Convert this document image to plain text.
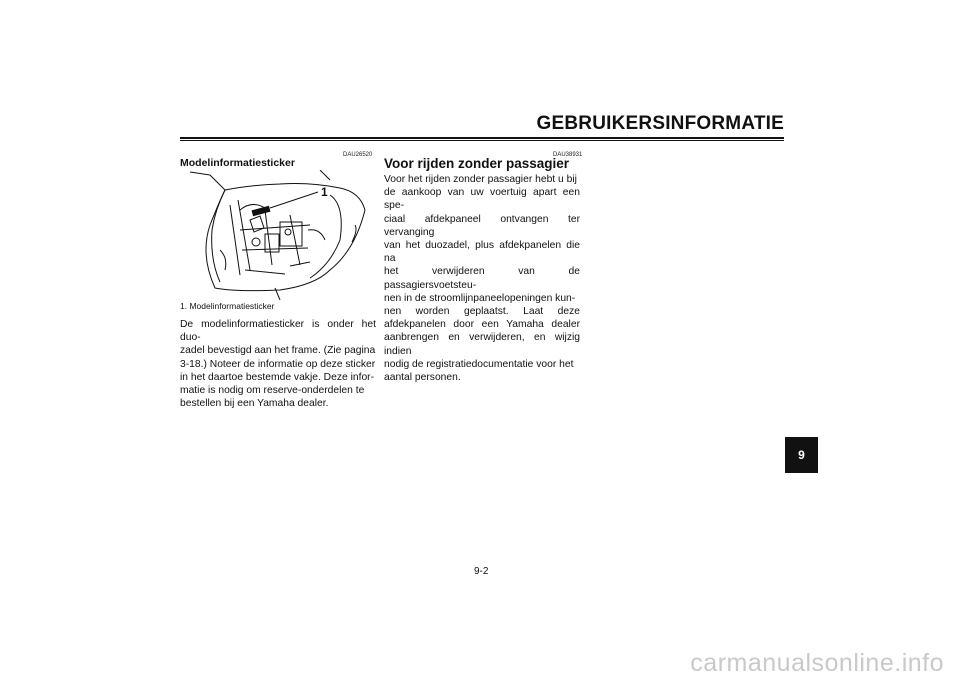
GEBRUIKERSINFORMATIE
DAU26520
Modelinformatiesticker
1
1. Modelinformatiesticker
De modelinformatiesticker is onder het duo-
zadel bevestigd aan het frame. (Zie pagina
3-18.) Noteer de informatie op deze sticker
in het daartoe bestemde vakje. Deze infor-
matie is nodig om reserve-onderdelen te
bestellen bij een Yamaha dealer.
DAU38931
Voor rijden zonder passagier
Voor het rijden zonder passagier hebt u bij
de aankoop van uw voertuig apart een spe-
ciaal afdekpaneel ontvangen ter vervanging
van het duozadel, plus afdekpanelen die na
het verwijderen van de passagiersvoetsteu-
nen in de stroomlijnpaneelopeningen kun-
nen worden geplaatst. Laat deze
afdekpanelen door een Yamaha dealer
aanbrengen en verwijderen, en wijzig indien
nodig de registratiedocumentatie voor het
aantal personen.
9
9-2
carmanualsonline.info
